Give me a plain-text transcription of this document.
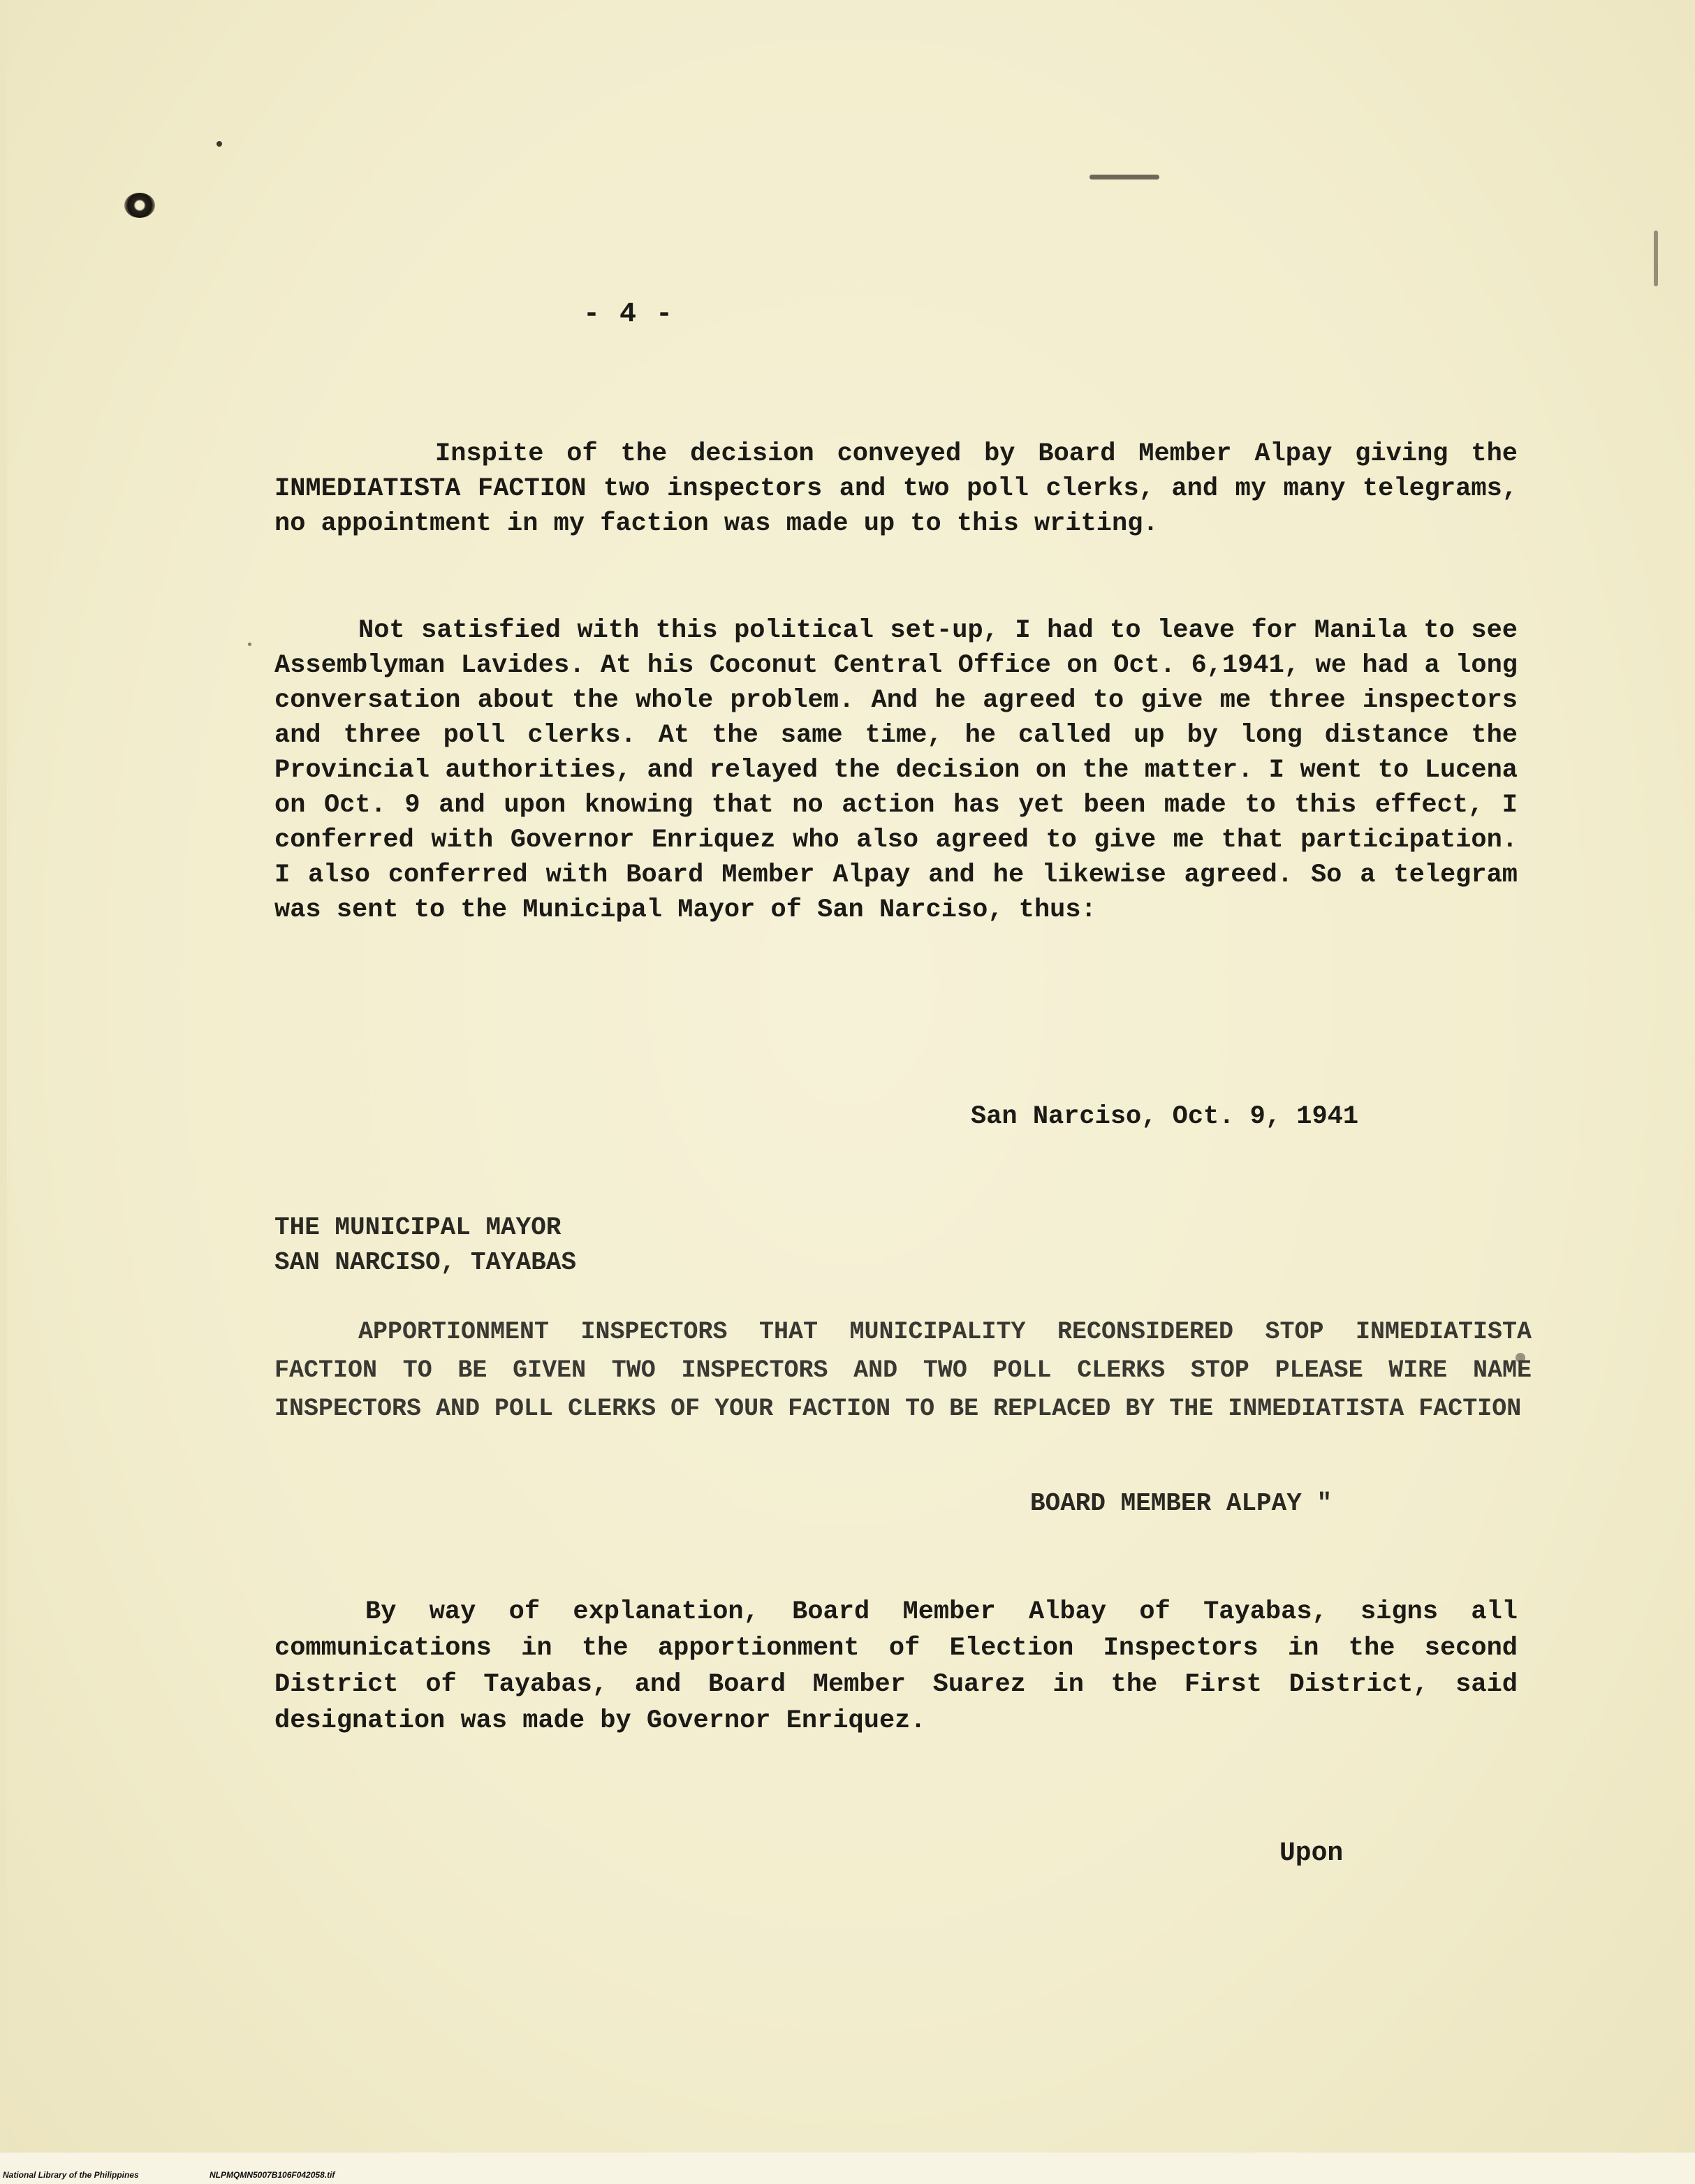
- 4 -

Inspite of the decision conveyed by Board Member Alpay giving the INMEDIATISTA FACTION two inspectors and two poll clerks, and my many telegrams, no appointment in my faction was made up to this writing.

Not satisfied with this political set-up, I had to leave for Manila to see Assemblyman Lavides. At his Coconut Central Office on Oct. 6,1941, we had a long conversation about the whole problem. And he agreed to give me three inspectors and three poll clerks. At the same time, he called up by long distance the Provincial authorities, and relayed the decision on the matter. I went to Lucena on Oct. 9 and upon knowing that no action has yet been made to this effect, I conferred with Governor Enriquez who also agreed to give me that participation. I also conferred with Board Member Alpay and he likewise agreed. So a telegram was sent to the Municipal Mayor of San Narciso, thus:

San Narciso, Oct. 9, 1941
THE MUNICIPAL MAYOR
SAN NARCISO, TAYABAS

APPORTIONMENT INSPECTORS THAT MUNICIPALITY RECONSIDERED STOP INMEDIATISTA FACTION TO BE GIVEN TWO INSPECTORS AND TWO POLL CLERKS STOP PLEASE WIRE NAME INSPECTORS AND POLL CLERKS OF YOUR FACTION TO BE REPLACED BY THE INMEDIATISTA FACTION

BOARD MEMBER ALPAY "

By way of explanation, Board Member Albay of Tayabas, signs all communications in the apportionment of Election Inspectors in the second District of Tayabas, and Board Member Suarez in the First District, said designation was made by Governor Enriquez.

Upon
National Library of the Philippines	NLPMQMN5007B106F042058.tif
